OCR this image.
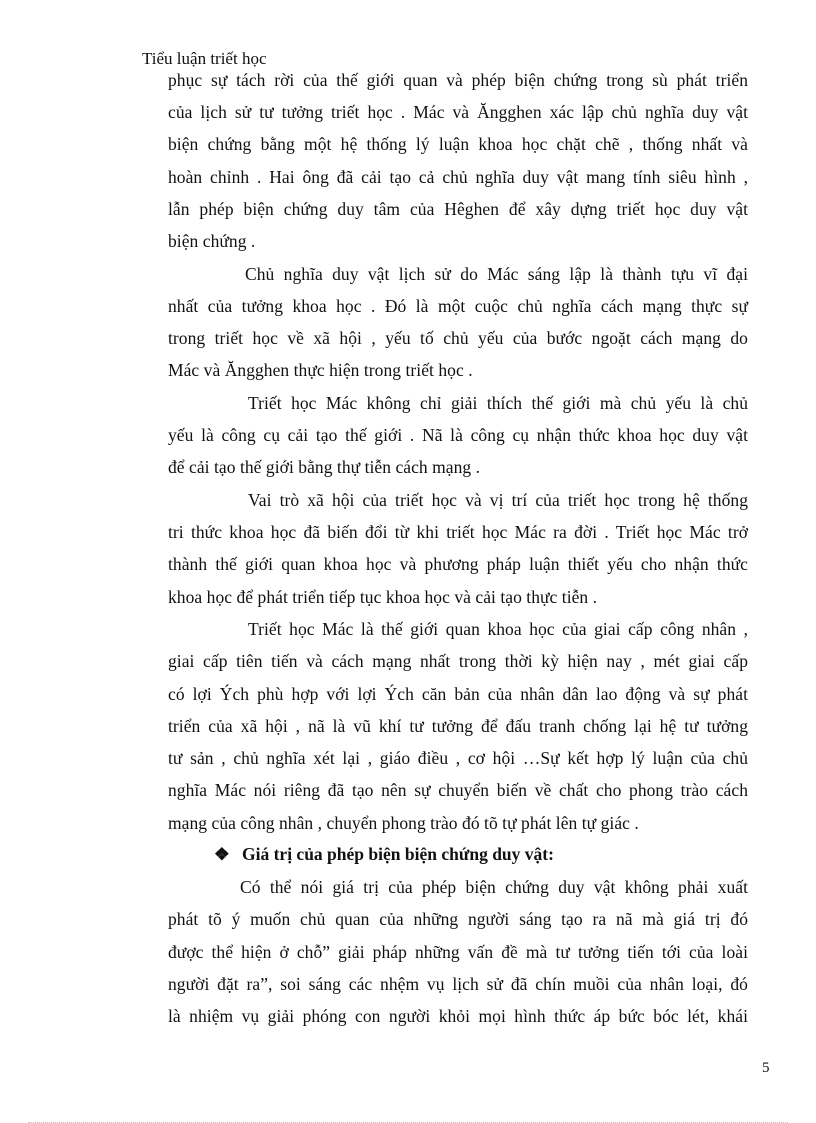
Tiểu luận triết học
phục sự tách rời của thế giới quan và phép biện chứng trong sù phát triển
của lịch sử tư tưởng triết học . Mác và Ăngghen xác lập chủ nghĩa duy vật
biện chứng bằng một hệ thống lý luận khoa học chặt chẽ , thống nhất và
hoàn chỉnh . Hai ông đã cải tạo cả chủ nghĩa duy vật mang tính siêu hình ,
lẫn phép biện chứng duy tâm của Hêghen để xây dựng triết học duy vật
biện chứng .
Chủ nghĩa duy vật lịch sử do Mác sáng lập là thành tựu vĩ đại
nhất của tưởng khoa học . Đó là một cuộc chủ nghĩa cách mạng thực sự
trong triết học về xã hội , yếu tố chủ yếu của bước ngoặt cách mạng do
Mác và Ăngghen thực hiện trong triết học .
Triết học Mác không chỉ giải thích thế giới mà chủ yếu là chủ
yếu là công cụ cải tạo thế giới . Nã là công cụ nhận thức khoa học duy vật
để cải tạo thế giới bằng thự tiễn cách mạng .
Vai trò xã hội của triết học và vị trí của triết học trong hệ thống
tri thức khoa học đã biến đổi từ khi triết học Mác ra đời . Triết học Mác trở
thành thế giới quan khoa học và phương pháp luận thiết yếu cho nhận thức
khoa học để phát triển tiếp tục khoa học và cải tạo thực tiễn .
Triết học Mác là thế giới quan khoa học của giai cấp công nhân ,
giai cấp tiên tiến và cách mạng nhất trong thời kỳ hiện nay , mét giai cấp
có lợi Ých phù hợp với lợi Ých căn bản của nhân dân lao động và sự phát
triển của xã hội , nã là vũ khí tư tưởng để đấu tranh chống lại hệ tư tưởng
tư sản , chủ nghĩa xét lại , giáo điều , cơ hội …Sự kết hợp lý luận của chủ
nghĩa Mác nói riêng đã tạo nên sự chuyển biến về chất cho phong trào cách
mạng của công nhân , chuyển phong trào đó tõ tự phát lên tự giác .
❖ Giá trị của phép biện biện chứng duy vật:
Có thể nói giá trị của phép biện chứng duy vật không phải xuất
phát tõ ý muốn chủ quan của những người sáng tạo ra nã mà giá trị đó
được thể hiện ở chỗ” giải pháp những vấn đề mà tư tưởng tiến tới của loài
người đặt ra”, soi sáng các nhệm vụ lịch sử đã chín muồi của nhân loại, đó
là nhiệm vụ giải phóng con người khỏi mọi hình thức áp bức bóc lét, khái
5
